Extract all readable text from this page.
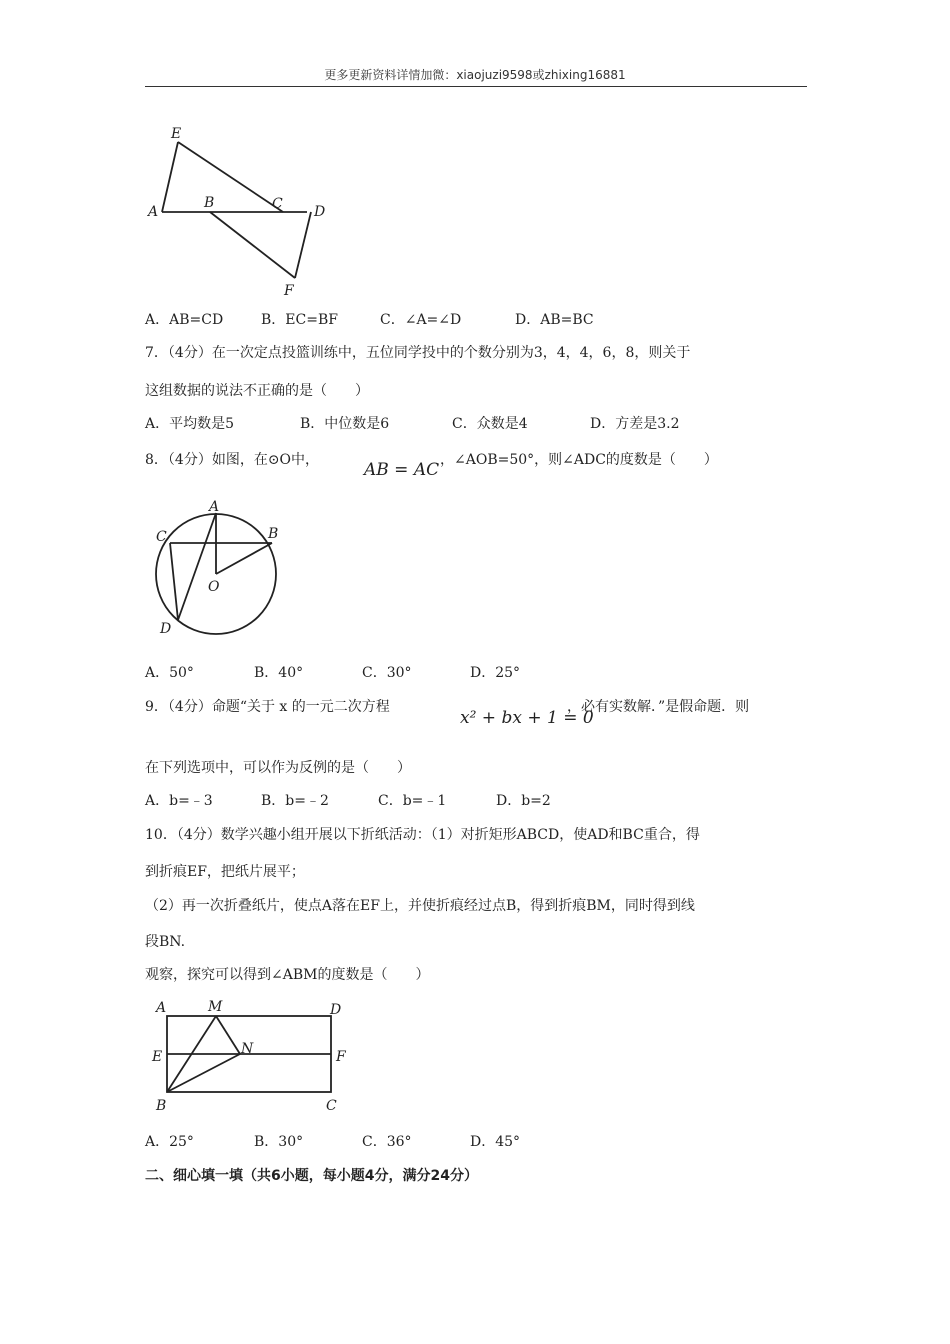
更多更新资料详情加微：xiaojuzi9598或zhixing16881
E
A
B	C D
F
A．AB=CD	B．EC=BF	C．∠A=∠D	D．AB=BC
7．（4分）在一次定点投篮训练中，五位同学投中的个数分别为3，4，4，6，8，则关于
这组数据的说法不正确的是（　　）
A．平均数是5	B．中位数是6	C．众数是4	D．方差是3.2
8．（4分）如图，在⊙O中，	AB = AC ，∠AOB=50°，则∠ADC的度数是（　　）
A
B
C
D
O
A．50°	B．40°	C．30°	D．25°
9．（4分）命题“关于 x 的一元二次方程
x² + bx + 1 = 0
，必有实数解．”是假命题．则
在下列选项中，可以作为反例的是（　　）
A．b=﹣3	B．b=﹣2	C．b=﹣1	D．b=2
10．（4分）数学兴趣小组开展以下折纸活动：（1）对折矩形ABCD，使AD和BC重合，得
到折痕EF，把纸片展平；
（2）再一次折叠纸片，使点A落在EF上，并使折痕经过点B，得到折痕BM，同时得到线
段BN.
观察，探究可以得到∠ABM的度数是（　　）
A	M	D
E	N	F
B	C
A．25°	B．30°	C．36°	D．45°
二、细心填一填（共6小题，每小题4分，满分24分）
